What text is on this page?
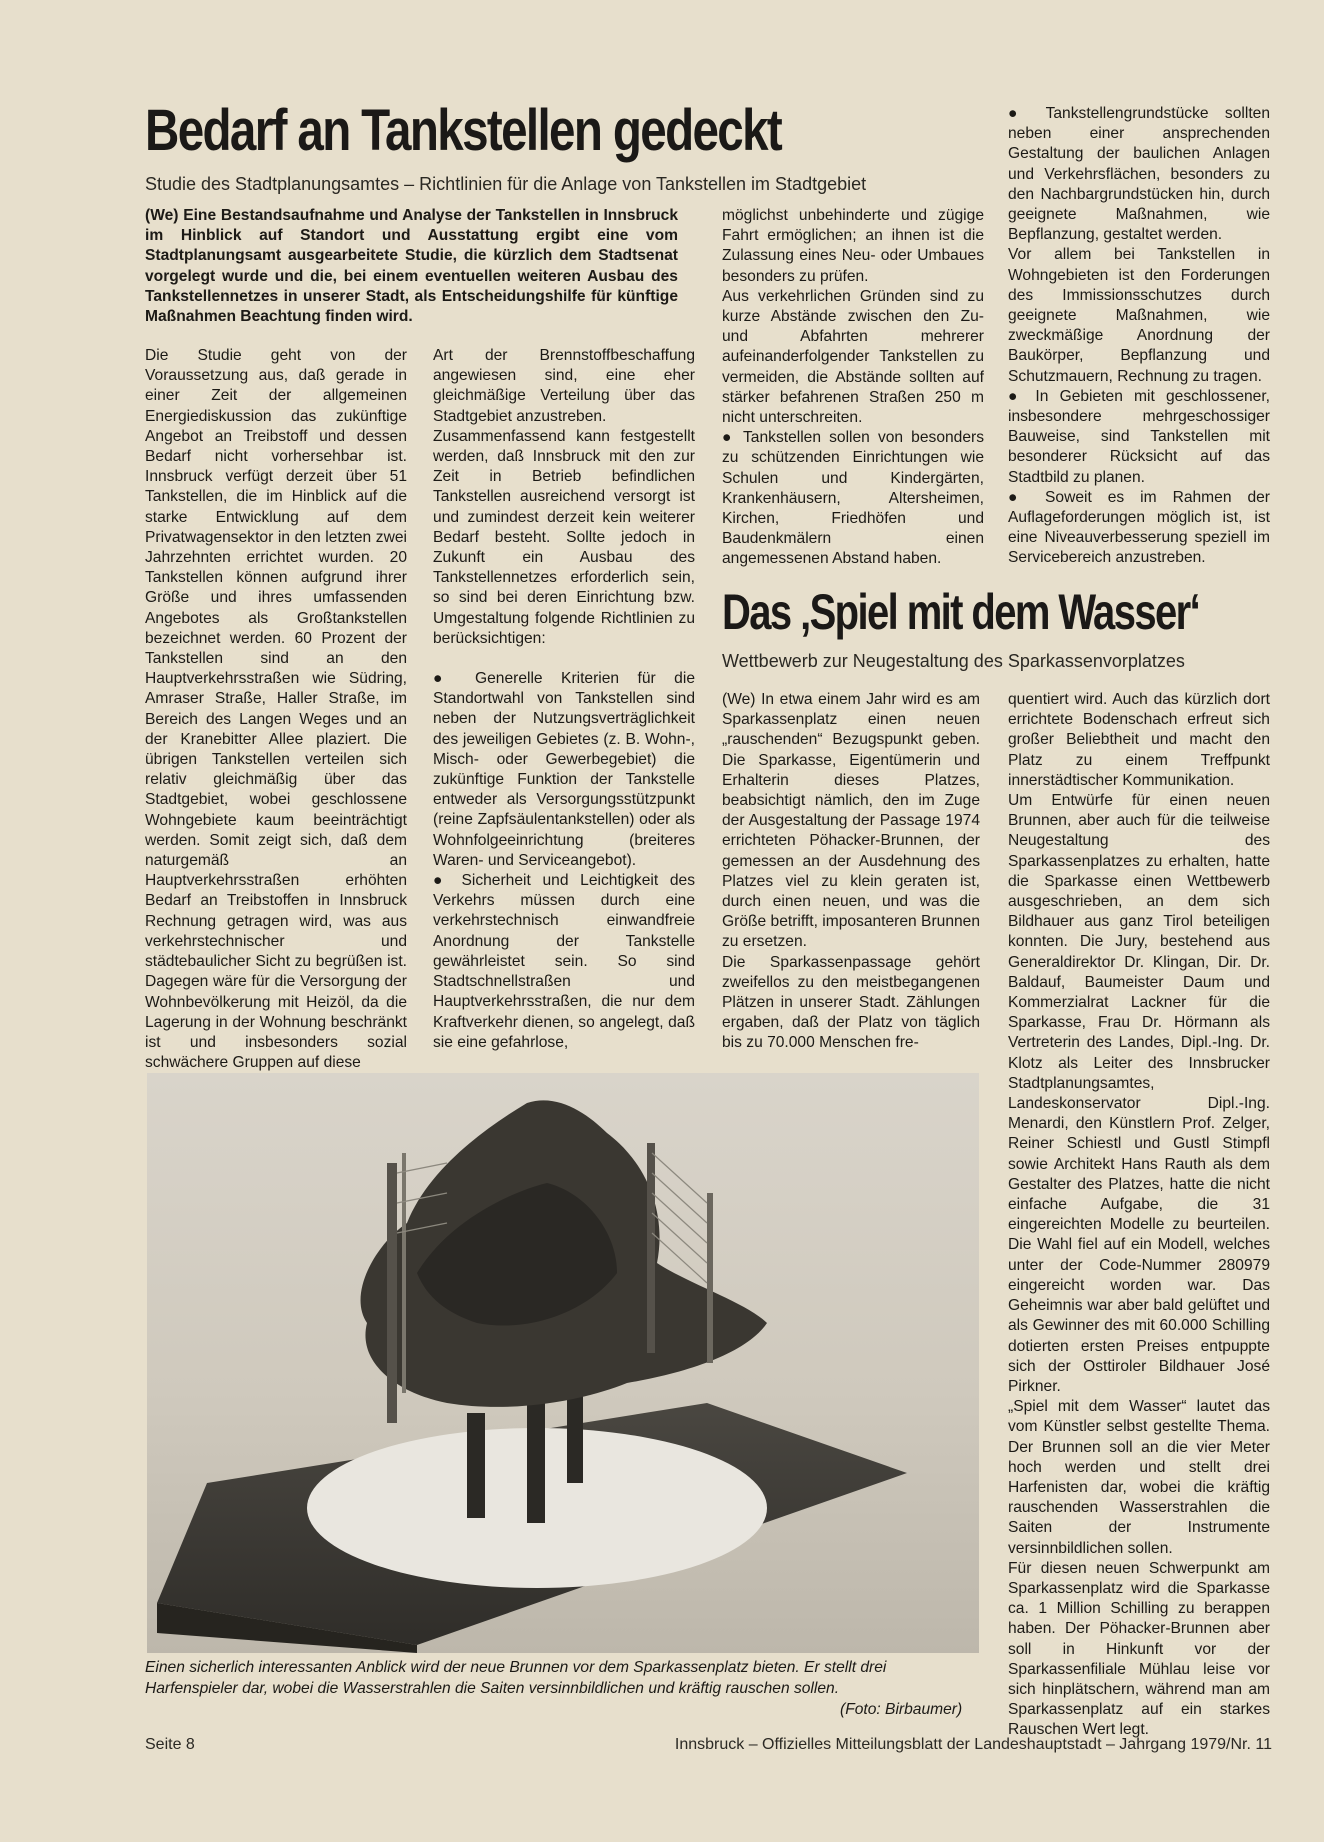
Bedarf an Tankstellen gedeckt
Studie des Stadtplanungsamtes – Richtlinien für die Anlage von Tankstellen im Stadtgebiet

(We) Eine Bestandsaufnahme und Analyse der Tankstellen in Innsbruck im Hinblick auf Standort und Ausstattung ergibt eine vom Stadtplanungsamt ausgearbeitete Studie, die kürzlich dem Stadtsenat vorgelegt wurde und die, bei einem eventuellen weiteren Ausbau des Tankstellennetzes in unserer Stadt, als Entscheidungshilfe für künftige Maßnahmen Beachtung finden wird.

Die Studie geht von der Voraussetzung aus, daß gerade in einer Zeit der allgemeinen Energiediskussion das zukünftige Angebot an Treibstoff und dessen Bedarf nicht vorhersehbar ist. Innsbruck verfügt derzeit über 51 Tankstellen, die im Hinblick auf die starke Entwicklung auf dem Privatwagensektor in den letzten zwei Jahrzehnten errichtet wurden. 20 Tankstellen können aufgrund ihrer Größe und ihres umfassenden Angebotes als Großtankstellen bezeichnet werden. 60 Prozent der Tankstellen sind an den Hauptverkehrsstraßen wie Südring, Amraser Straße, Haller Straße, im Bereich des Langen Weges und an der Kranebitter Allee plaziert. Die übrigen Tankstellen verteilen sich relativ gleichmäßig über das Stadtgebiet, wobei geschlossene Wohngebiete kaum beeinträchtigt werden. Somit zeigt sich, daß dem naturgemäß an Hauptverkehrsstraßen erhöhten Bedarf an Treibstoffen in Innsbruck Rechnung getragen wird, was aus verkehrstechnischer und städtebaulicher Sicht zu begrüßen ist. Dagegen wäre für die Versorgung der Wohnbevölkerung mit Heizöl, da die Lagerung in der Wohnung beschränkt ist und insbesonders sozial schwächere Gruppen auf diese

Art der Brennstoffbeschaffung angewiesen sind, eine eher gleichmäßige Verteilung über das Stadtgebiet anzustreben.

Zusammenfassend kann festgestellt werden, daß Innsbruck mit den zur Zeit in Betrieb befindlichen Tankstellen ausreichend versorgt ist und zumindest derzeit kein weiterer Bedarf besteht. Sollte jedoch in Zukunft ein Ausbau des Tankstellennetzes erforderlich sein, so sind bei deren Einrichtung bzw. Umgestaltung folgende Richtlinien zu berücksichtigen:

● Generelle Kriterien für die Standortwahl von Tankstellen sind neben der Nutzungsverträglichkeit des jeweiligen Gebietes (z. B. Wohn-, Misch- oder Gewerbegebiet) die zukünftige Funktion der Tankstelle entweder als Versorgungsstützpunkt (reine Zapfsäulentankstellen) oder als Wohnfolgeeinrichtung (breiteres Waren- und Serviceangebot).

● Sicherheit und Leichtigkeit des Verkehrs müssen durch eine verkehrstechnisch einwandfreie Anordnung der Tankstelle gewährleistet sein. So sind Stadtschnellstraßen und Hauptverkehrsstraßen, die nur dem Kraftverkehr dienen, so angelegt, daß sie eine gefahrlose,

möglichst unbehinderte und zügige Fahrt ermöglichen; an ihnen ist die Zulassung eines Neu- oder Umbaues besonders zu prüfen.

Aus verkehrlichen Gründen sind zu kurze Abstände zwischen den Zu- und Abfahrten mehrerer aufeinanderfolgender Tankstellen zu vermeiden, die Abstände sollten auf stärker befahrenen Straßen 250 m nicht unterschreiten.

● Tankstellen sollen von besonders zu schützenden Einrichtungen wie Schulen und Kindergärten, Krankenhäusern, Altersheimen, Kirchen, Friedhöfen und Baudenkmälern einen angemessenen Abstand haben.

● Tankstellengrundstücke sollten neben einer ansprechenden Gestaltung der baulichen Anlagen und Verkehrsflächen, besonders zu den Nachbargrundstücken hin, durch geeignete Maßnahmen, wie Bepflanzung, gestaltet werden.

Vor allem bei Tankstellen in Wohngebieten ist den Forderungen des Immissionsschutzes durch geeignete Maßnahmen, wie zweckmäßige Anordnung der Baukörper, Bepflanzung und Schutzmauern, Rechnung zu tragen.

● In Gebieten mit geschlossener, insbesondere mehrgeschossiger Bauweise, sind Tankstellen mit besonderer Rücksicht auf das Stadtbild zu planen.

● Soweit es im Rahmen der Auflageforderungen möglich ist, ist eine Niveauverbesserung speziell im Servicebereich anzustreben.

Das ‚Spiel mit dem Wasser‘
Wettbewerb zur Neugestaltung des Sparkassenvorplatzes

(We) In etwa einem Jahr wird es am Sparkassenplatz einen neuen „rauschenden“ Bezugspunkt geben. Die Sparkasse, Eigentümerin und Erhalterin dieses Platzes, beabsichtigt nämlich, den im Zuge der Ausgestaltung der Passage 1974 errichteten Pöhacker-Brunnen, der gemessen an der Ausdehnung des Platzes viel zu klein geraten ist, durch einen neuen, und was die Größe betrifft, imposanteren Brunnen zu ersetzen.

Die Sparkassenpassage gehört zweifellos zu den meistbegangenen Plätzen in unserer Stadt. Zählungen ergaben, daß der Platz von täglich bis zu 70.000 Menschen fre-

quentiert wird. Auch das kürzlich dort errichtete Bodenschach erfreut sich großer Beliebtheit und macht den Platz zu einem Treffpunkt innerstädtischer Kommunikation.

Um Entwürfe für einen neuen Brunnen, aber auch für die teilweise Neugestaltung des Sparkassenplatzes zu erhalten, hatte die Sparkasse einen Wettbewerb ausgeschrieben, an dem sich Bildhauer aus ganz Tirol beteiligen konnten. Die Jury, bestehend aus Generaldirektor Dr. Klingan, Dir. Dr. Baldauf, Baumeister Daum und Kommerzialrat Lackner für die Sparkasse, Frau Dr. Hörmann als Vertreterin des Landes, Dipl.-Ing. Dr. Klotz als Leiter des Innsbrucker Stadtplanungsamtes, Landeskonservator Dipl.-Ing. Menardi, den Künstlern Prof. Zelger, Reiner Schiestl und Gustl Stimpfl sowie Architekt Hans Rauth als dem Gestalter des Platzes, hatte die nicht einfache Aufgabe, die 31 eingereichten Modelle zu beurteilen. Die Wahl fiel auf ein Modell, welches unter der Code-Nummer 280979 eingereicht worden war. Das Geheimnis war aber bald gelüftet und als Gewinner des mit 60.000 Schilling dotierten ersten Preises entpuppte sich der Osttiroler Bildhauer José Pirkner.

„Spiel mit dem Wasser“ lautet das vom Künstler selbst gestellte Thema. Der Brunnen soll an die vier Meter hoch werden und stellt drei Harfenisten dar, wobei die kräftig rauschenden Wasserstrahlen die Saiten der Instrumente versinnbildlichen sollen.

Für diesen neuen Schwerpunkt am Sparkassenplatz wird die Sparkasse ca. 1 Million Schilling zu berappen haben. Der Pöhacker-Brunnen aber soll in Hinkunft vor der Sparkassenfiliale Mühlau leise vor sich hinplätschern, während man am Sparkassenplatz auf ein starkes Rauschen Wert legt.

Einen sicherlich interessanten Anblick wird der neue Brunnen vor dem Sparkassenplatz bieten. Er stellt drei Harfenspieler dar, wobei die Wasserstrahlen die Saiten versinnbildlichen und kräftig rauschen sollen.
(Foto: Birbaumer)
Seite 8	Innsbruck – Offizielles Mitteilungsblatt der Landeshauptstadt – Jahrgang 1979/Nr. 11
